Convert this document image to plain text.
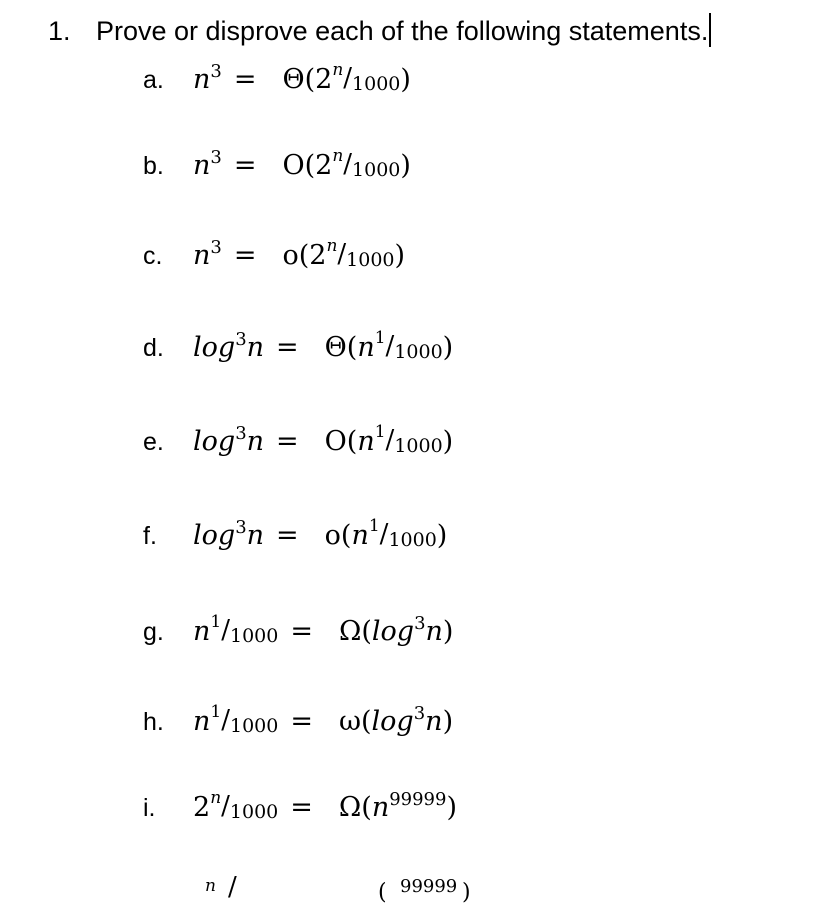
1. Prove or disprove each of the following statements.
a. $n^3 = \Theta(2^n/1000)$
b. $n^3 = O(2^n/1000)$
c. $n^3 = o(2^n/1000)$
d. $\log^3n = \Theta(n^1/1000)$
e. $\log^3n = O(n^1/1000)$
f. $\log^3n = o(n^1/1000)$
g. $n^1/1000 = \Omega(\log^3n)$
h. $n^1/1000 = \omega(\log^3n)$
i. $2^n/1000 = \Omega(n^{99999})$
n /	( 99999 )
